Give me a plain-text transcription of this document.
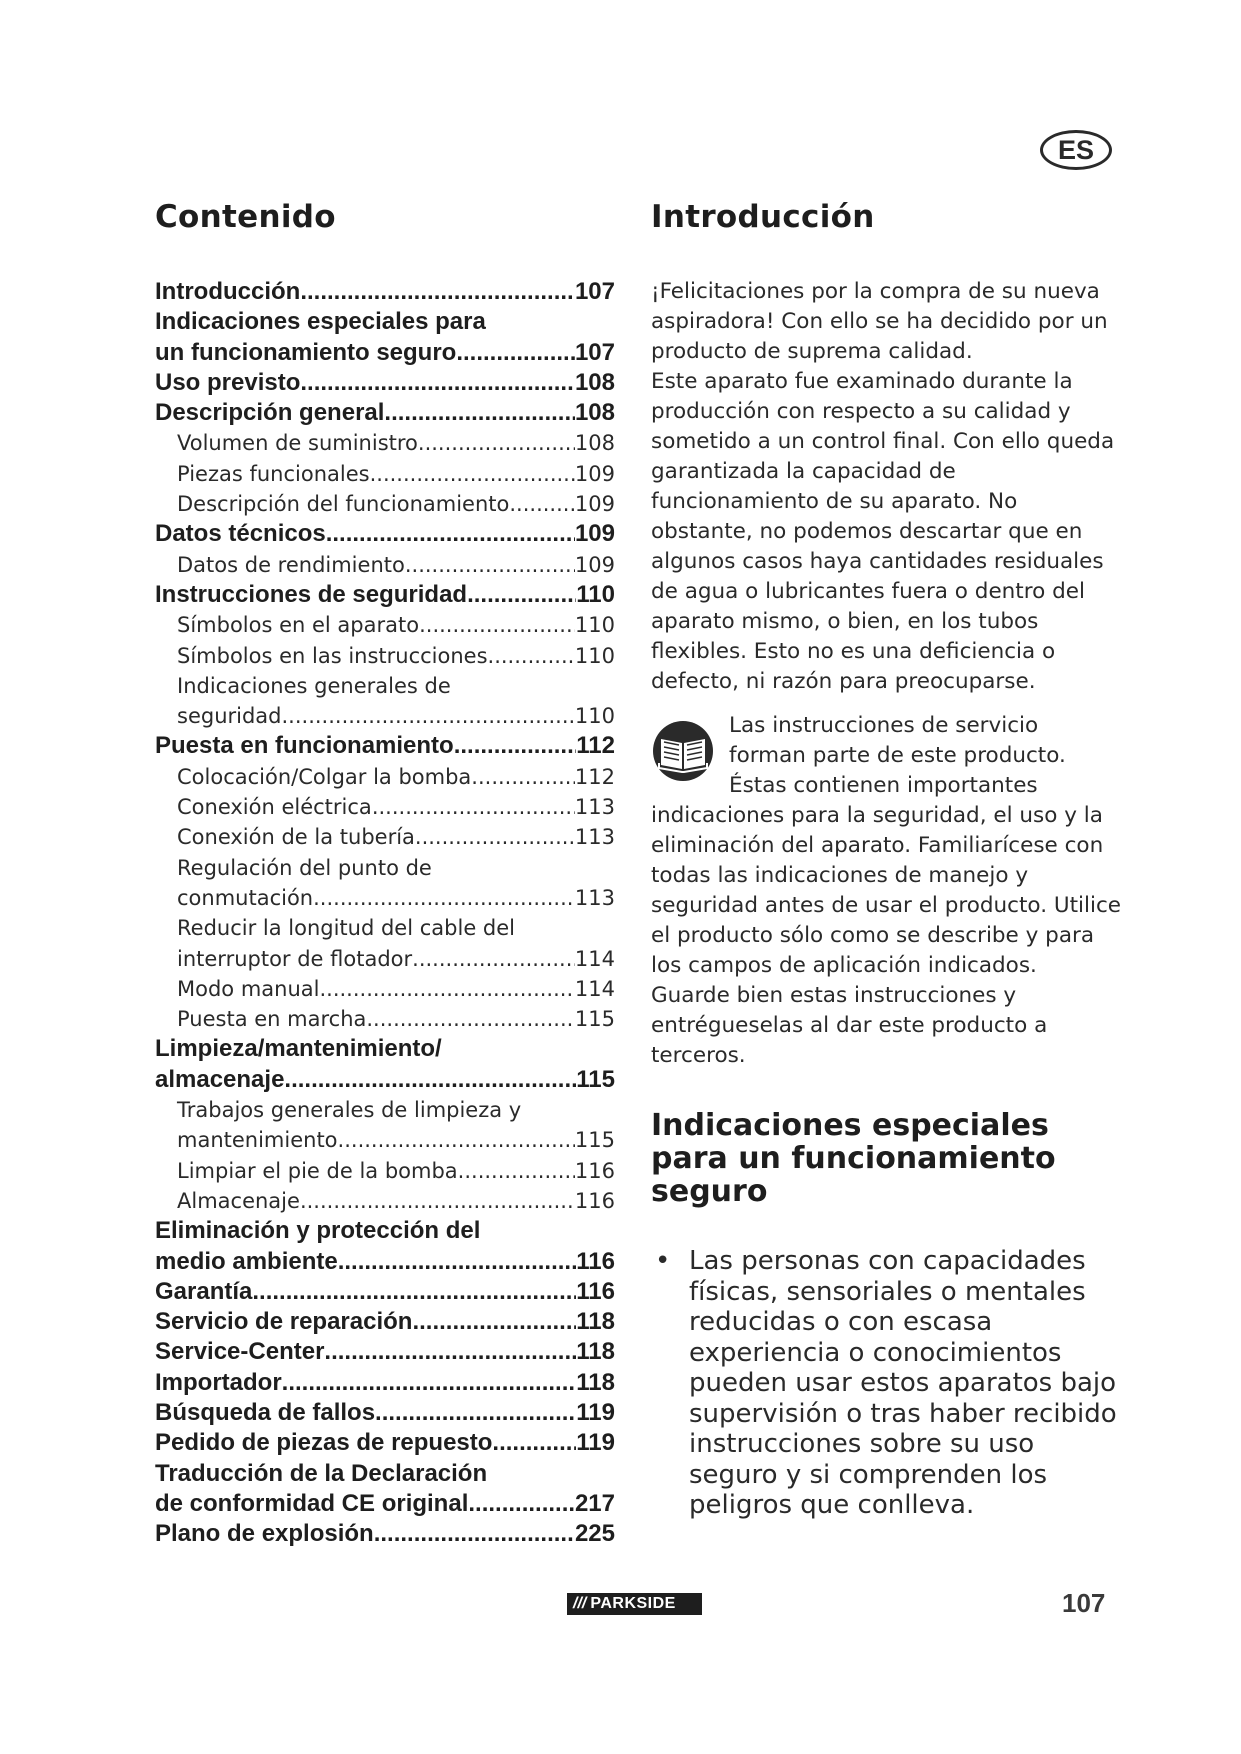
ES
Contenido
Introducción .....	107
Indicaciones especiales para
un funcionamiento seguro .....	107
Uso previsto .....	108
Descripción general .....	108
Volumen de suministro .....	108
Piezas funcionales .....	109
Descripción del funcionamiento .....	109
Datos técnicos .....	109
Datos de rendimiento .....	109
Instrucciones de seguridad .....	110
Símbolos en el aparato .....	110
Símbolos en las instrucciones .....	110
Indicaciones generales de
seguridad .....	110
Puesta en funcionamiento .....	112
Colocación/Colgar la bomba .....	112
Conexión eléctrica .....	113
Conexión de la tubería .....	113
Regulación del punto de
conmutación .....	113
Reducir la longitud del cable del
interruptor de flotador .....	114
Modo manual .....	114
Puesta en marcha .....	115
Limpieza/mantenimiento/
almacenaje .....	115
Trabajos generales de limpieza y
mantenimiento .....	115
Limpiar el pie de la bomba .....	116
Almacenaje .....	116
Eliminación y protección del
medio ambiente .....	116
Garantía .....	116
Servicio de reparación .....	118
Service-Center .....	118
Importador .....	118
Búsqueda de fallos .....	119
Pedido de piezas de repuesto .....	119
Traducción de la Declaración
de conformidad CE original .....	217
Plano de explosión .....	225
Introducción

¡Felicitaciones por la compra de su nueva aspiradora! Con ello se ha decidido por un producto de suprema calidad.

Este aparato fue examinado durante la producción con respecto a su calidad y sometido a un control final. Con ello queda garantizada la capacidad de funcionamiento de su aparato. No obstante, no podemos descartar que en algunos casos haya cantidades residuales de agua o lubricantes fuera o dentro del aparato mismo, o bien, en los tubos flexibles. Esto no es una deficiencia o defecto, ni razón para preocuparse.

Las instrucciones de servicio forman parte de este producto. Éstas contienen importantes indicaciones para la seguridad, el uso y la eliminación del aparato. Familiarícese con todas las indicaciones de manejo y seguridad antes de usar el producto. Utilice el producto sólo como se describe y para los campos de aplicación indicados.

Guarde bien estas instrucciones y entrégueselas al dar este producto a terceros.

Indicaciones especiales para un funcionamiento seguro
• Las personas con capacidades físicas, sensoriales o mentales reducidas o con escasa experiencia o conocimientos pueden usar estos aparatos bajo supervisión o tras haber recibido instrucciones sobre su uso seguro y si comprenden los peligros que conlleva.
/// PARKSIDE	107
